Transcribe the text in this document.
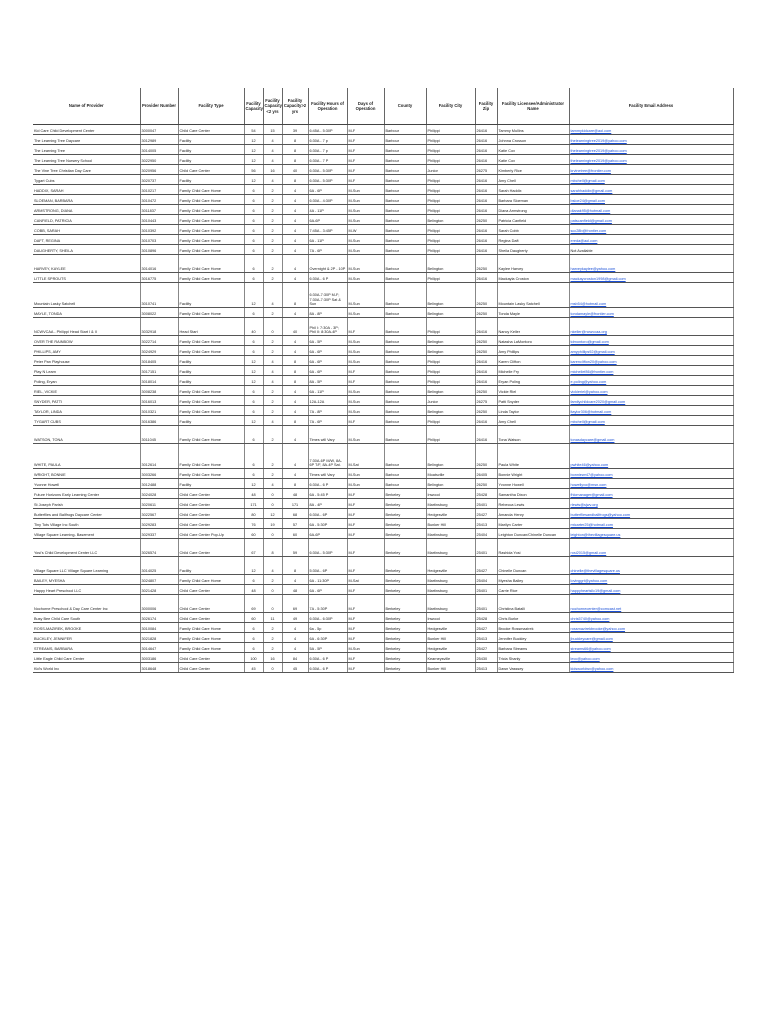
Name of Provider	Provider Number	Facility Type	Facility Capacity	Facility Capacity <2 yrs	Facility Capacity>2 yrs	Facility Hours of Operation	Days of Operation	County	Facility City	Facility Zip	Facility Licensee/Administrator Name	Facility Email Address
Kid Care Child Development Center	3000047	Child Care Center	54	15	39	6:45A - 5:30P	M-F	Barbour	Philippi	26416	Tammy Mullins	tammykidcare@aol.com
The Learning Tree Daycare	3012989	Facility	12	4	8	6:30A - 7 p	M-F	Barbour	Philippi	26416	Johnna Crosson	thelearningtree2019@yahoo.com
The Learning Tree	3014005	Facility	12	4	8	6:30A - 7 p	M-F	Barbour	Philippi	26416	Katie Cox	thelearningtree2019@yahoo.com
The Learning Tree Nursery School	3022950	Facility	12	4	8	6:30A - 7 P	M-F	Barbour	Philippi	26416	Katie Cox	thelearningtree2019@yahoo.com
The Vine Tree Christian Day Care	3020956	Child Care Center	56	16	40	6:30A - 5:30P	M-F	Barbour	Junior	26275	Kimberly Rice	krvinetree@frontier.com
Tygart Cubs	3020737	Facility	12	4	8	6:30A - 5:30P	M-F	Barbour	Philippi	26416	Amy Chell	mbchell@gmail.com
HADDIX, SARAH	3010217	Family Child Care Home	6	2	4	6A - 6P	M-Sun	Barbour	Philippi	26416	Sarah Haddix	sarahhaddix@gmail.com
SLOEMAN, BARBARA	3010472	Family Child Care Home	6	2	4	6:30A - 4:30P	M-Sun	Barbour	Philippi	26416	Barbara Sloeman	bsloe24@gmail.com
ARMSTRONG, DIANA	3011837	Family Child Care Home	6	2	4	4A - 11P	M-Sun	Barbour	Philippi	26416	Diana Armstrong	dianak95@hotmail.com
CANFIELD, PATRICIA	3010443	Family Child Care Home	6	2	4	6A-6P	M-Sun	Barbour	Belington	26250	Patricia Canfield	patscanfield@gmail.com
COBB, SARAH	3010392	Family Child Care Home	6	2	4	7:45A - 3:45P	M-W	Barbour	Philippi	26416	Sarah Cobb	scc28b@frontier.com
DAFT, REGINA	3010703	Family Child Care Home	6	2	4	6A - 11P	M-Sun	Barbour	Philippi	26416	Regina Daft	ereda@aol.com
DAUGHERTY, SHEILA	3010896	Family Child Care Home	6	2	4	7A - 6P	M-Sun	Barbour	Philippi	26416	Sheila Daugherty	Not Available
HARVEY, KAYLEE	3014016	Family Child Care Home	6	2	4	Overnight & 2P - 10P	M-Sun	Barbour	Belington	26250	Kaylee Harvey	harveykaylee@yahoo.com
LITTLE SPROUTS	3016775	Family Child Care Home	6	2	4	6:30A - 6 P	M-Sun	Barbour	Philippi	26416	Mackayla Croston	mackaycroston1998@gmail.com
Mountain Lasky Satchell	3010741	Facility	12	4	8	6:30A-7:30P M-F; 7:30A-7:30P Sat & Sun	M-Sun	Barbour	Belington	26250	Mountain Lasky Satchell	msb54@hotmail.com
MAYLE, TONDA	3008022	Family Child Care Home	6	2	4	8A - 8P	M-Sun	Barbour	Belington	26250	Tonda Mayle	tondamayle@frontier.com
NCWVCAA - Philippi Head Start I & II	3032918	Head Start	40	0	40	Phil I: 7:30A - 3P; Phil II: 8:30A-4P	M-F	Barbour	Philippi	26416	Nancy Keller	nkeller@ncwvcaa.org
OVER THE RAINBOW	3022714	Family Child Care Home	6	2	4	6A - 5P	M-Sun	Barbour	Belington	26250	Natasha LaMontoro	tdmontoro@gmail.com
PHILLIPS, AMY	3024929	Family Child Care Home	6	2	4	6A - 6P	M-Sun	Barbour	Belington	26250	Amy Phillips	amyphillips92@gmail.com
Peter Pan Playhouse	3018405	Facility	12	4	8	6A - 6P	M-Sun	Barbour	Philippi	26416	Karen Clifton	karenclifton20@yahoo.com
Play N Learn	3017151	Facility	12	4	8	6A - 6P	M-F	Barbour	Philippi	26416	Michelle Fry	michellef86@frontier.com
Poling, Eryan	3018014	Facility	12	4	8	8A - 5P	M-F	Barbour	Philippi	26416	Eryan Poling	e.poling@yahoo.com
RIEL, VICKIE	3008238	Family Child Care Home	6	2	4	6A - 11P	M-Sun	Barbour	Belington	26250	Vickie Riel	vickieriel@yahoo.com
SNYDER, PATTI	3016013	Family Child Care Home	6	2	4	12A-12A	M-Sun	Barbour	Junior	26275	Patti Snyder	familychildcare2020@gmail.com
TAYLOR, LINDA	3010321	Family Child Care Home	6	2	4	7A - 8P	M-Sun	Barbour	Belington	26250	Linda Taylor	ltaylor306@hotmail.com
TYGART CUBS	3016386	Facility	12	4	8	7A - 6P	M-F	Barbour	Philippi	26416	Amy Chell	mbchell@gmail.com
WATSON, TONA	3011045	Family Child Care Home	6	2	4	Times will Vary	M-Sun	Barbour	Philippi	26416	Tona Watson	tonasdaycare@gmail.com
WHITE, PAULA	3012614	Family Child Care Home	6	2	4	7:30A-6P M/W, 8A-6P T/F, 8A-4P Sat.	M-Sat	Barbour	Belington	26250	Paula White	pwhite46@yahoo.com
WRIGHT, BONNIE	3003266	Family Child Care Home	6	2	4	Times will Vary	M-Sun	Barbour	Moatsville	26405	Bonnie Wright	bonniewr47@yahoo.com
Yvonne Howell	3012488	Facility	12	4	8	6:30A - 6 P	M-Sun	Barbour	Belington	26250	Yvonne Howell	howellyvo@msn.com
Future Horizons Early Learning Center	3024028	Child Care Center	48	0	48	6A - 5:45 P	M-F	Berkeley	Inwood	25428	Samantha Dixon	fhlcmanager@gmail.com
St Joseph Parish	3020611	Child Care Center	171	0	171	8A - 4P	M-F	Berkeley	Martinsburg	25401	Rebecca Lewis	rlewis@sjwv.org
Butterflies and Ballfrogs Daycare Center	3022567	Child Care Center	80	12	68	6:30A - 6P	M-F	Berkeley	Hedgesville	25427	Amanda Henry	butterfliesandballfrogs@yahoo.com
Tiny Tots Village Inc South	3029283	Child Care Center	76	19	57	6A - 5:30P	M-F	Berkeley	Bunker Hill	25413	Marilyn Carter	mtcarter25@hotmail.com
Village Square Learning- Basement	3029337	Child Care Center Pop-Up	60	0	60	6A-6P	M-F	Berkeley	Martinsburg	25404	Leighton Duncan/Chinelle Duncan	leighton@thevillagesquare.us
Yosi's Child Development Center LLC	3026574	Child Care Center	67	8	59	6:30A - 5:30P	M-F	Berkeley	Martinsburg	25401	Rashida Yosi	rosi2015@gmail.com
Village Square LLC Village Square Learning	3014025	Facility	12	4	8	5:30A - 6P	M-F	Berkeley	Hedgesville	25427	Chinelle Duncan	chinelle@thevillagesquare.us
BAILEY, MYESHA	3024807	Family Child Care Home	6	2	4	6A - 11:30P	M-Sat	Berkeley	Martinsburg	25404	Myesha Bailey	lovinggrt@yahoo.com
Happy Heart Preschool LLC	3021428	Child Care Center	48	0	48	6A - 6P	M-F	Berkeley	Martinsburg	25401	Carrie Rice	happyheartsllc19@gmail.com
Nochorne Preschool & Day Care Center Inc	3000006	Child Care Center	69	0	69	7A - 5:30P	M-F	Berkeley	Martinsburg	25401	Christina Batalli	nochornecenter@comcast.net
Busy Bee Child Care South	3026174	Child Care Center	60	11	49	6:30A - 6:30P	M-F	Berkeley	Inwood	25428	Chris Burke	chris5740@yahoo.com
ROSS-MAZIREK, BROOKE	3010084	Family Child Care Home	6	2	4	6a - 5p	M-F	Berkeley	Hedgesville	25427	Brooke Rossmazirek	rossmazirekbrooke@yahoo.com
BUCKLEY, JENNIFER	3021828	Family Child Care Home	6	2	4	6A - 6:30P	M-F	Berkeley	Bunker Hill	25413	Jennifer Buckley	jbuckleycare@gmail.com
STREAMS, BARBARA	3014647	Family Child Care Home	6	2	4	5A - 5P	M-Sun	Berkeley	Hedgesville	25427	Barbara Streams	streams66@yahoo.com
Little Eagle Child Care Center	3003186	Child Care Center	100	16	84	6:30A - 6 P	M-F	Berkeley	Kearneysville	25430	Tricia Shanly	lecc@yahoo.com
Kid's World Inc	3018648	Child Care Center	45	0	45	6:30A - 6 P	M-F	Berkeley	Bunker Hill	25413	Dawn Vasssey	kidsworldwv@yahoo.com
